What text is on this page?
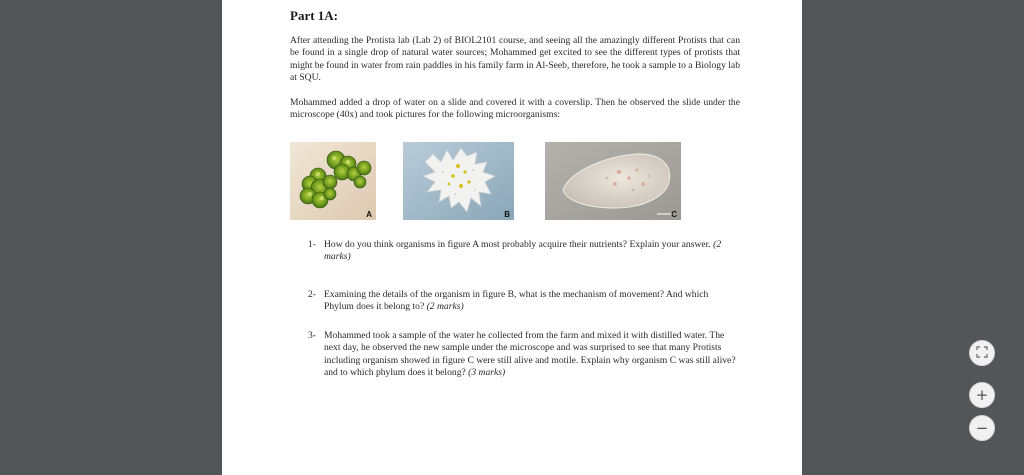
Part 1A:

After attending the Protista lab (Lab 2) of BIOL2101 course, and seeing all the amazingly different Protists that can be found in a single drop of natural water sources; Mohammed get excited to see the different types of protists that might be found in water from rain paddles in his family farm in Al-Seeb, therefore, he took a sample to a Biology lab at SQU.

Mohammed added a drop of water on a slide and covered it with a coverslip. Then he observed the slide under the microscope (40x) and took pictures for the following microorganisms:

A	B	C
1- How do you think organisms in figure A most probably acquire their nutrients? Explain your answer. (2 marks)
2- Examining the details of the organism in figure B, what is the mechanism of movement? And which Phylum does it belong to? (2 marks)
3- Mohammed took a sample of the water he collected from the farm and mixed it with distilled water. The next day, he observed the new sample under the microscope and was surprised to see that many Protists including organism showed in figure C were still alive and motile. Explain why organism C was still alive? and to which phylum does it belong? (3 marks)
+
−
